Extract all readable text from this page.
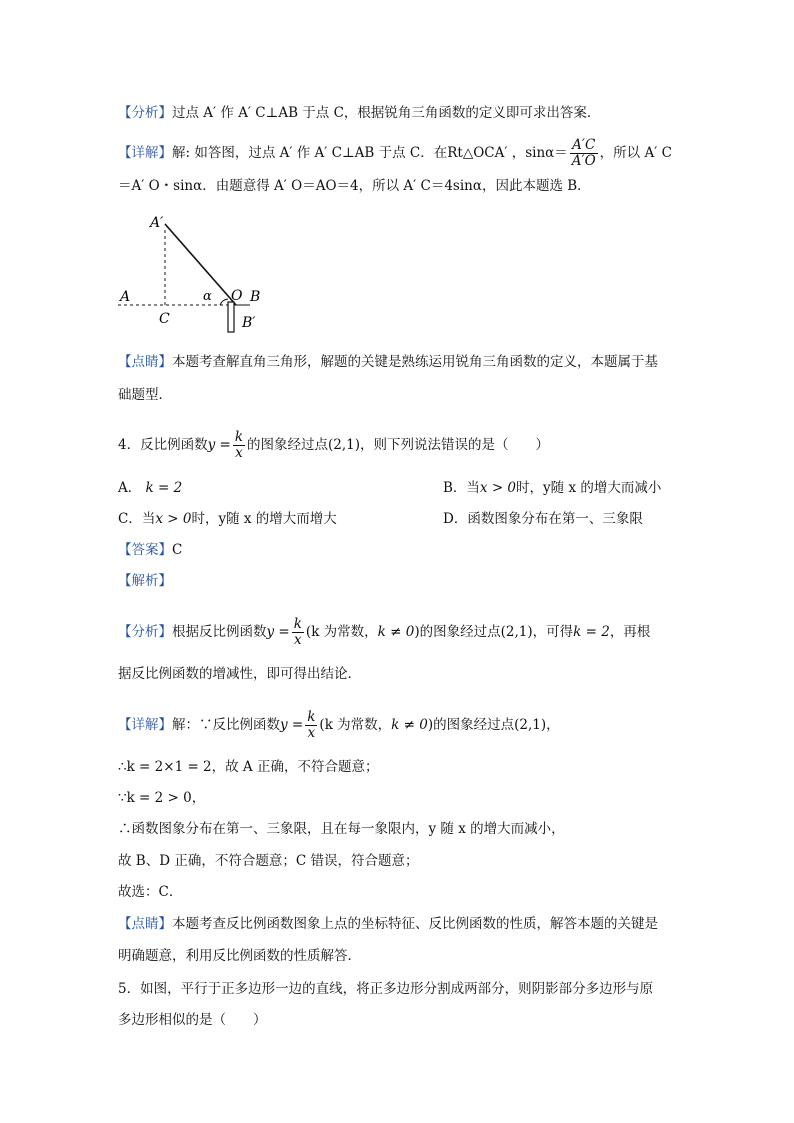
【分析】过点 A′ 作 A′ C⊥AB 于点 C，根据锐角三角函数的定义即可求出答案．
【详解】解: 如答图，过点 A′ 作 A′ C⊥AB 于点 C．在Rt△OCA′ ，$\sin\alpha= \frac{A'C}{A'O}$ ，所以 A′ C
＝A′ O・sinα．由题意得 A′ O＝AO＝4，所以 A′ C＝4sinα，因此本题选 B．
A′
A
C
α O B
B′
【点睛】本题考查解直角三角形，解题的关键是熟练运用锐角三角函数的定义，本题属于基
础题型．
4．反比例函数$y = \frac{k}{x}$ 的图象经过点(2,1)，则下列说法错误的是（　　）
A． k = 2	B．当x > 0时，y随 x 的增大而减小
C．当x > 0时，y随 x 的增大而增大	D．函数图象分布在第一、三象限
【答案】C
【解析】
【分析】根据反比例函数$y = \frac{k}{x} (k$ 为常数，k ≠ 0)的图象经过点(2,1)，可得k = 2，再根
据反比例函数的增减性，即可得出结论．
【详解】解：∵反比例函数$y = \frac{k}{x} (k$ 为常数，k ≠ 0)的图象经过点(2,1)，
∴k = 2×1 = 2，故 A 正确，不符合题意；
∵k = 2 > 0，
∴函数图象分布在第一、三象限，且在每一象限内，y 随 x 的增大而减小，
故 B、D 正确，不符合题意；C 错误，符合题意；
故选：C．
【点睛】本题考查反比例函数图象上点的坐标特征、反比例函数的性质，解答本题的关键是
明确题意，利用反比例函数的性质解答．
5．如图，平行于正多边形一边的直线，将正多边形分割成两部分，则阴影部分多边形与原
多边形相似的是（　　）
